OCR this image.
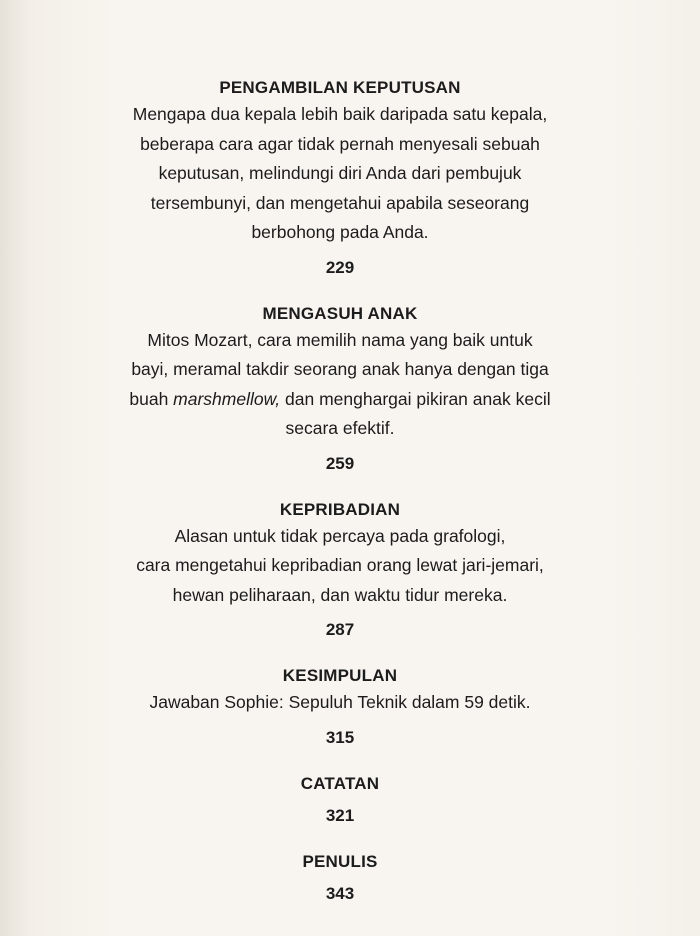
PENGAMBILAN KEPUTUSAN

Mengapa dua kepala lebih baik daripada satu kepala,

beberapa cara agar tidak pernah menyesali sebuah

keputusan, melindungi diri Anda dari pembujuk

tersembunyi, dan mengetahui apabila seseorang

berbohong pada Anda.

229

MENGASUH ANAK

Mitos Mozart, cara memilih nama yang baik untuk

bayi, meramal takdir seorang anak hanya dengan tiga

buah marshmellow, dan menghargai pikiran anak kecil

secara efektif.

259

KEPRIBADIAN

Alasan untuk tidak percaya pada grafologi,

cara mengetahui kepribadian orang lewat jari-jemari,

hewan peliharaan, dan waktu tidur mereka.

287

KESIMPULAN

Jawaban Sophie: Sepuluh Teknik dalam 59 detik.

315

CATATAN

321

PENULIS

343
